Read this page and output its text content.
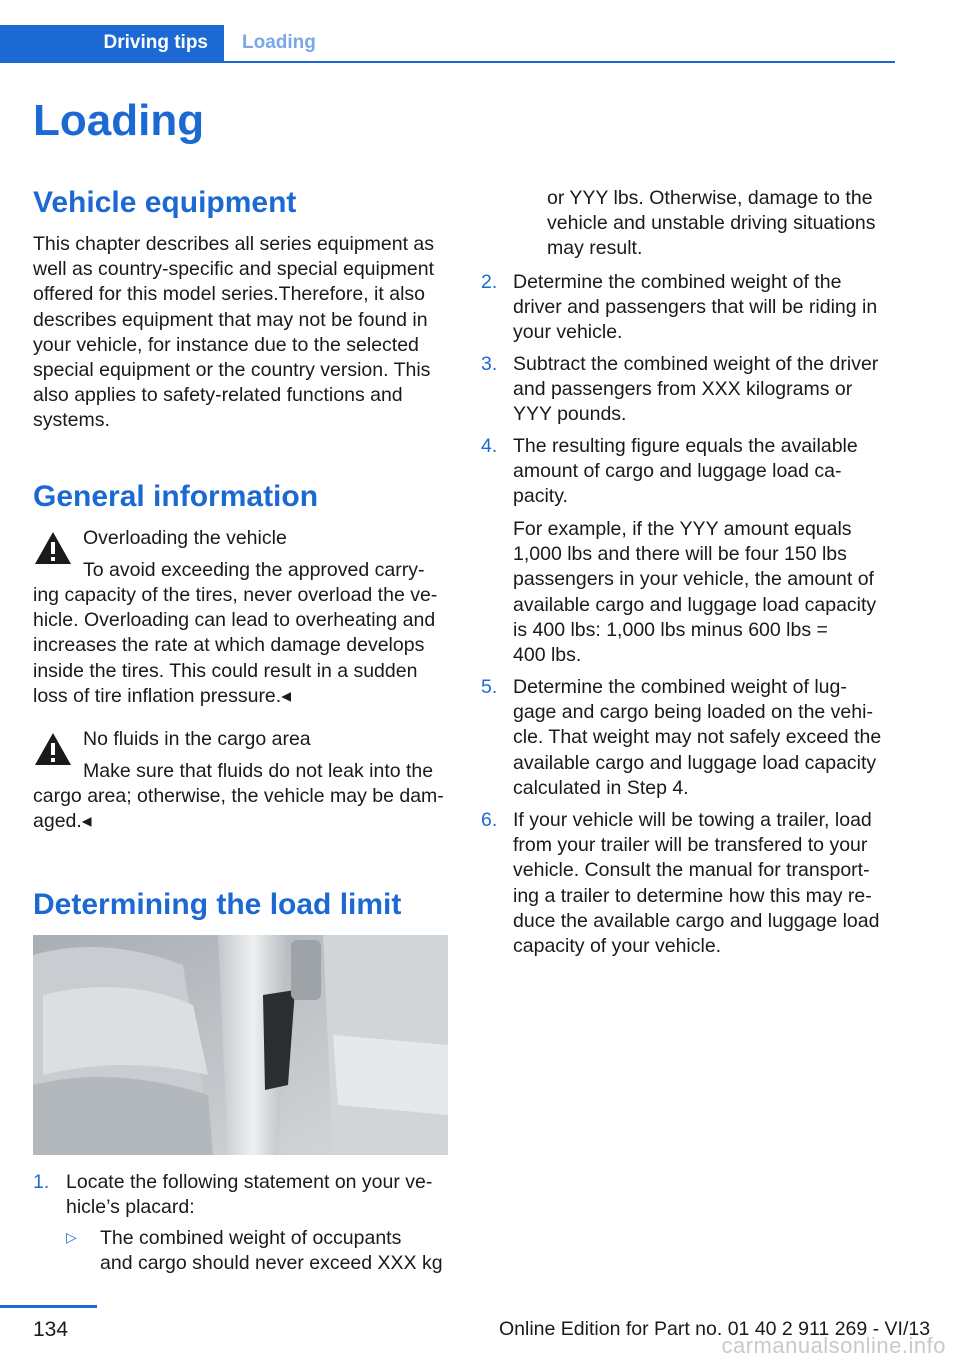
Driving tips	Loading
Loading
Vehicle equipment
This chapter describes all series equipment as
well as country-specific and special equipment
offered for this model series.Therefore, it also
describes equipment that may not be found in
your vehicle, for instance due to the selected
special equipment or the country version. This
also applies to safety-related functions and
systems.
General information
Overloading the vehicle
To avoid exceeding the approved carry‐
ing capacity of the tires, never overload the ve‐
hicle. Overloading can lead to overheating and
increases the rate at which damage develops
inside the tires. This could result in a sudden
loss of tire inflation pressure.◂
No fluids in the cargo area
Make sure that fluids do not leak into the
cargo area; otherwise, the vehicle may be dam‐
aged.◂
Determining the load limit
1. Locate the following statement on your ve‐
hicle’s placard:
▷ The combined weight of occupants
and cargo should never exceed XXX kg
or YYY lbs. Otherwise, damage to the
vehicle and unstable driving situations
may result.
2. Determine the combined weight of the
driver and passengers that will be riding in
your vehicle.
3. Subtract the combined weight of the driver
and passengers from XXX kilograms or
YYY pounds.
4. The resulting figure equals the available
amount of cargo and luggage load ca‐
pacity.
For example, if the YYY amount equals
1,000 lbs and there will be four 150 lbs
passengers in your vehicle, the amount of
available cargo and luggage load capacity
is 400 lbs: 1,000 lbs minus 600 lbs =
400 lbs.
5. Determine the combined weight of lug‐
gage and cargo being loaded on the vehi‐
cle. That weight may not safely exceed the
available cargo and luggage load capacity
calculated in Step 4.
6. If your vehicle will be towing a trailer, load
from your trailer will be transfered to your
vehicle. Consult the manual for transport‐
ing a trailer to determine how this may re‐
duce the available cargo and luggage load
capacity of your vehicle.
134	Online Edition for Part no. 01 40 2 911 269 - VI/13
carmanualsonline.info
